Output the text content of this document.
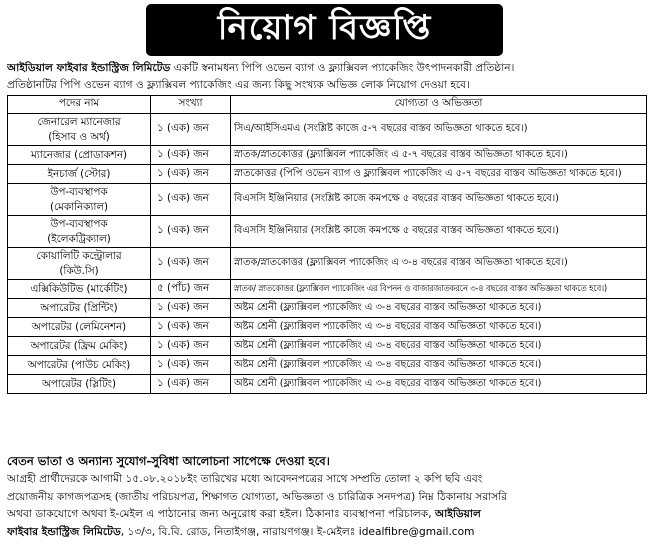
নিয়োগ বিজ্ঞপ্তি
আইডিয়াল ফাইবার ইন্ডাস্ট্রিজ লিমিটেড একটি স্বনামধন্য পিপি ওভেন ব্যাগ ও ফ্ল্যাক্সিবল প্যাকেজিং উৎপাদনকারী প্রতিষ্ঠান।
প্রতিষ্ঠানটির পিপি ওভেন ব্যাগ ও ফ্ল্যাক্সিবল প্যাকেজিং এর জন্য কিছু সংখ্যক অভিজ্ঞ লোক নিয়োগ দেওয়া হবে।
পদের নাম	সংখ্যা	যোগ্যতা ও অভিজ্ঞতা

জেনারেল ম্যানেজার
(হিসাব ও অর্থ)	১ (এক) জন	সিএ/আইসিএমএ (সংশ্লিষ্ট কাজে ৫-৭ বছরের বাস্তব অভিজ্ঞতা থাকতে হবে।)

ম্যানেজার (প্রোডাকশন)	১ (এক) জন	স্নাতক/স্নাতকোত্তর (ফ্ল্যাক্সিবল প্যাকেজিং এ ৫-৭ বছরের বাস্তব অভিজ্ঞতা থাকতে হবে।)

ইনচার্জ (স্টোর)	১ (এক) জন	স্নাতকোত্তর (পিপি ওভেন ব্যাগ ও ফ্ল্যাক্সিবল প্যাকেজিং এ ৫-৭ বছরের বাস্তব অভিজ্ঞতা থাকতে হবে।)

উপ-ব্যবস্থাপক
(মেকানিক্যাল)	১ (এক) জন	বিএসসি ইঞ্জিনিয়ার (সংশ্লিষ্ট কাজে কমপক্ষে ৫ বছরের বাস্তব অভিজ্ঞতা থাকতে হবে।)

উপ-ব্যবস্থাপক
(ইলেকট্রিক্যাল)	১ (এক) জন	বিএসসি ইঞ্জিনিয়ার (সংশ্লিষ্ট কাজে কমপক্ষে ৫ বছরের বাস্তব অভিজ্ঞতা থাকতে হবে।)

কোয়ালিটি কন্ট্রোলার
(কিউ.সি)	১ (এক) জন	স্নাতক/স্নাতকোত্তর (ফ্ল্যাক্সিবল প্যাকেজিং এ ৩-৪ বছরের বাস্তব অভিজ্ঞতা থাকতে হবে।)

এক্সিকিউটিভ (মার্কেটিং)	৫ (পাঁচ) জন	স্নাতক/ স্নাতকোত্তর (ফ্ল্যাক্সিবল প্যাকেজিং এর বিপনন ও বাজারজাতকরনে ৩-৪ বছরের বাস্তব অভিজ্ঞতা থাকতে হবে।)

অপারেটর (প্রিন্টিং)	১ (এক) জন	অষ্টম শ্রেনী (ফ্ল্যাক্সিবল প্যাকেজিং এ ৩-৪ বছরের বাস্তব অভিজ্ঞতা থাকতে হবে।)

অপারেটর (লেমিনেশন)	১ (এক) জন	অষ্টম শ্রেনী (ফ্ল্যাক্সিবল প্যাকেজিং এ ৩-৪ বছরের বাস্তব অভিজ্ঞতা থাকতে হবে।)

অপারেটর (ফ্রিম মেকিং)	১ (এক) জন	অষ্টম শ্রেনী (ফ্ল্যাক্সিবল প্যাকেজিং এ ৩-৪ বছরের বাস্তব অভিজ্ঞতা থাকতে হবে।)

অপারেটর (পাউচ মেকিং)	১ (এক) জন	অষ্টম শ্রেনী (ফ্ল্যাক্সিবল প্যাকেজিং এ ৩-৪ বছরের বাস্তব অভিজ্ঞতা থাকতে হবে।)

অপারেটর (স্লিটিং)	১ (এক) জন	অষ্টম শ্রেনী (ফ্ল্যাক্সিবল প্যাকেজিং এ ৩-৪ বছরের বাস্তব অভিজ্ঞতা থাকতে হবে।)
বেতন ভাতা ও অন্যান্য সুযোগ-সুবিধা আলোচনা সাপেক্ষে দেওয়া হবে।
আগ্রহী প্রার্থীদেরকে আগামী ১৫.০৮.২০১৮ইং তারিখের মধ্যে আবেদনপত্রের সাথে সম্প্রতি তোলা ২ কপি ছবি এবং
প্রয়োজনীয় কাগজপত্রসহ (জাতীয় পরিচয়পত্র, শিক্ষাগত যোগ্যতা, অভিজ্ঞতা ও চারিত্রিক সনদপত্র) নিম্ন ঠিকানায় সরাসরি
অথবা ডাকযোগে অথবা ই-মেইল এ পাঠানোর জন্য অনুরোধ করা হইল। ঠিকানাঃ ব্যবস্থাপনা পরিচালক, আইডিয়াল
ফাইবার ইন্ডাস্ট্রিজ লিমিটেড, ১৩/৩, বি.বি. রোড, নিতাইগঞ্জ, নারায়ণগঞ্জ। ই-মেইলঃ idealfibre@gmail.com
